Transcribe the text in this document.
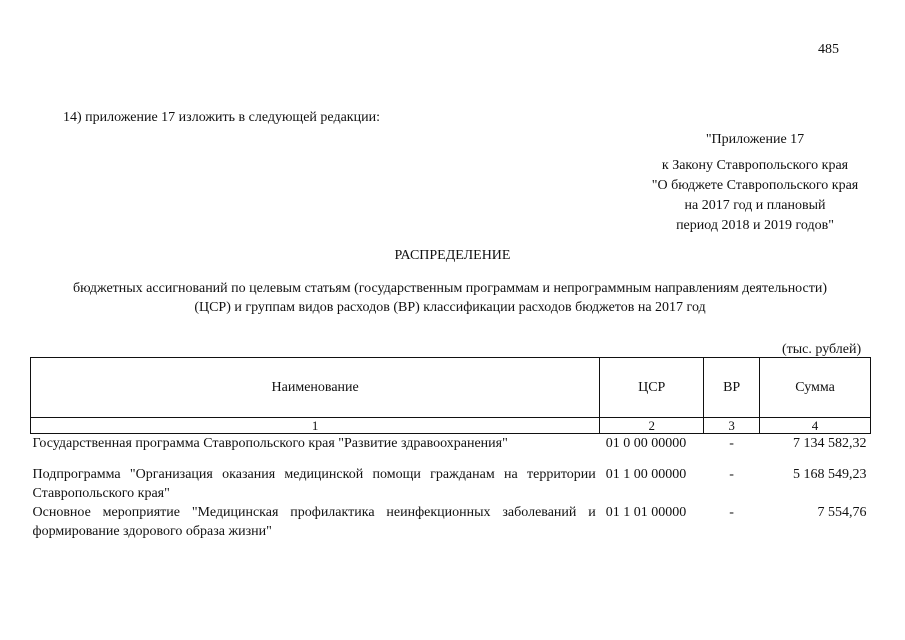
485
14) приложение 17 изложить в следующей редакции:
"Приложение 17
к Закону Ставропольского края
"О бюджете Ставропольского края
на 2017 год и плановый
период 2018 и 2019 годов"
РАСПРЕДЕЛЕНИЕ
бюджетных ассигнований по целевым статьям (государственным программам и непрограммным направлениям деятельности)
(ЦСР) и группам видов расходов (ВР) классификации расходов бюджетов на 2017 год
(тыс. рублей)
Наименование	ЦСР	ВР	Сумма
1	2	3	4
Государственная программа Ставропольского края "Развитие здравоохранения"	01 0 00 00000	-	7 134 582,32

Подпрограмма "Организация оказания медицинской помощи гражданам на территории Ставропольского края"	01 1 00 00000	-	5 168 549,23
Основное мероприятие "Медицинская профилактика неинфекционных заболеваний и формирование здорового образа жизни"	01 1 01 00000	-	7 554,76
